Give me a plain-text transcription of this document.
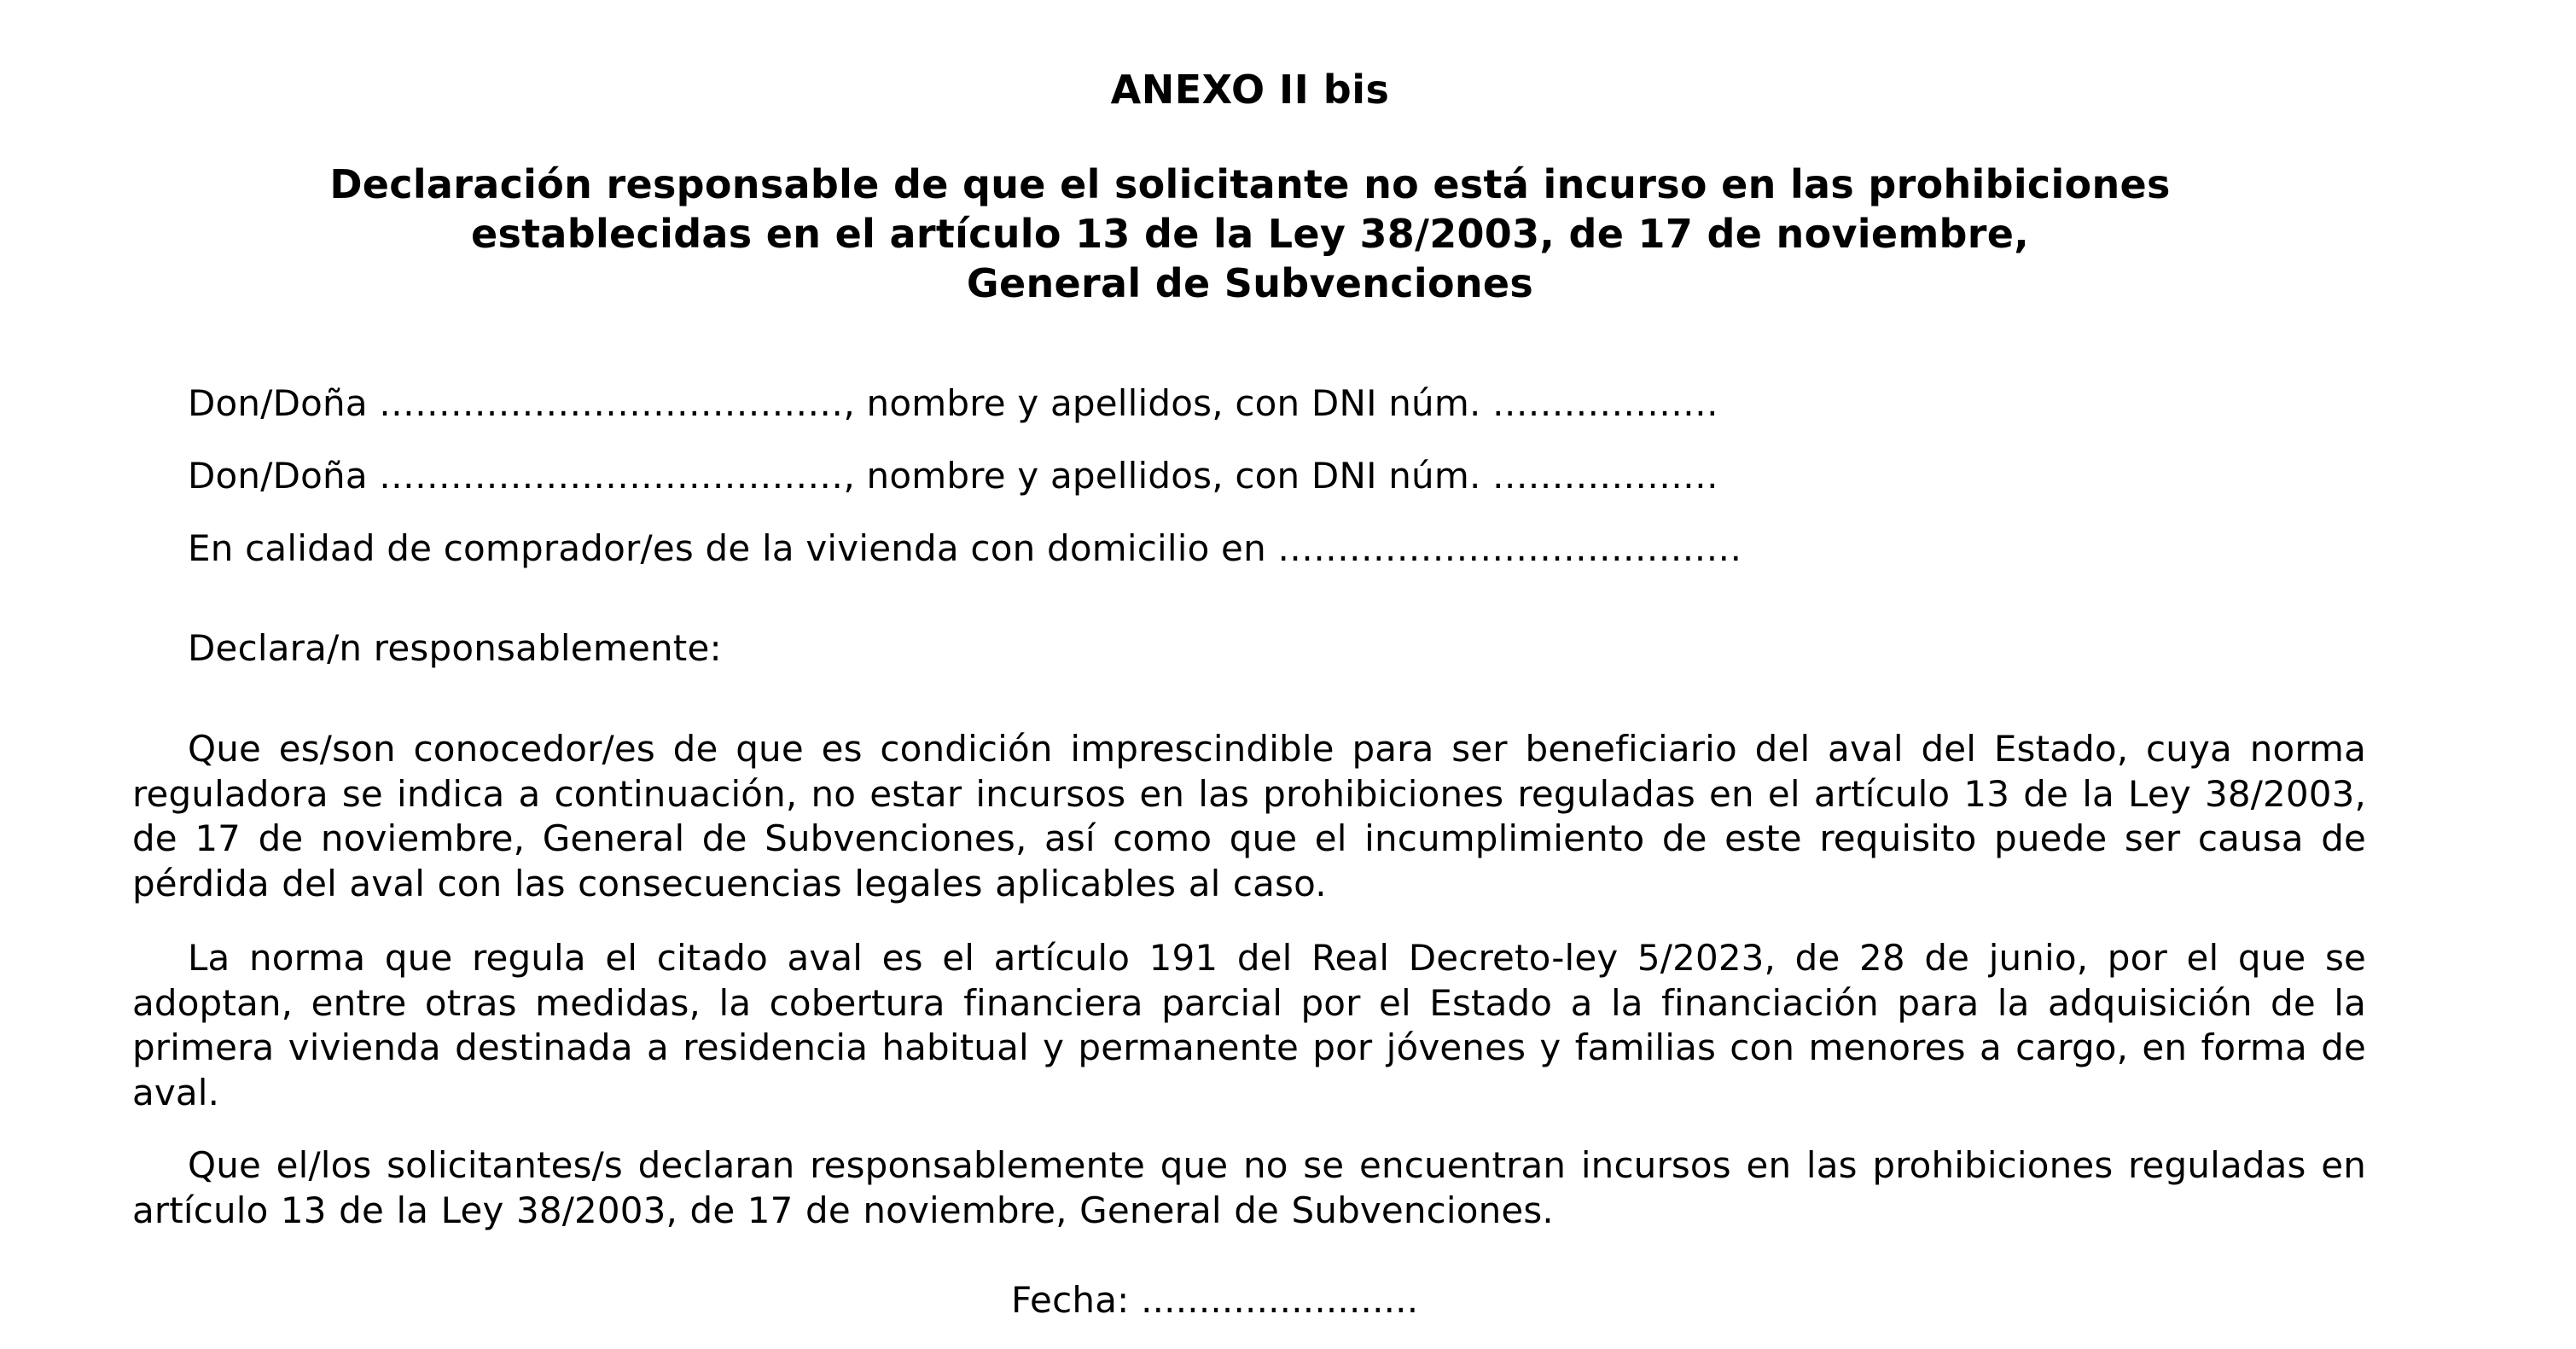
ANEXO II bis
Declaración responsable de que el solicitante no está incurso en las prohibiciones
establecidas en el artículo 13 de la Ley 38/2003, de 17 de noviembre,
General de Subvenciones
Don/Doña ......................................., nombre y apellidos, con DNI núm. ...................
Don/Doña ......................................., nombre y apellidos, con DNI núm. ...................
En calidad de comprador/es de la vivienda con domicilio en .......................................
Declara/n responsablemente:

Que es/son conocedor/es de que es condición imprescindible para ser beneficiario del aval del Estado, cuya norma reguladora se indica a continuación, no estar incursos en las prohibiciones reguladas en el artículo 13 de la Ley 38/2003, de 17 de noviembre, General de Subvenciones, así como que el incumplimiento de este requisito puede ser causa de pérdida del aval con las consecuencias legales aplicables al caso.

La norma que regula el citado aval es el artículo 191 del Real Decreto-ley 5/2023, de 28 de junio, por el que se adoptan, entre otras medidas, la cobertura financiera parcial por el Estado a la financiación para la adquisición de la primera vivienda destinada a residencia habitual y permanente por jóvenes y familias con menores a cargo, en forma de aval.

Que el/los solicitantes/s declaran responsablemente que no se encuentran incursos en las prohibiciones reguladas en artículo 13 de la Ley 38/2003, de 17 de noviembre, General de Subvenciones.

Fecha: ........................
